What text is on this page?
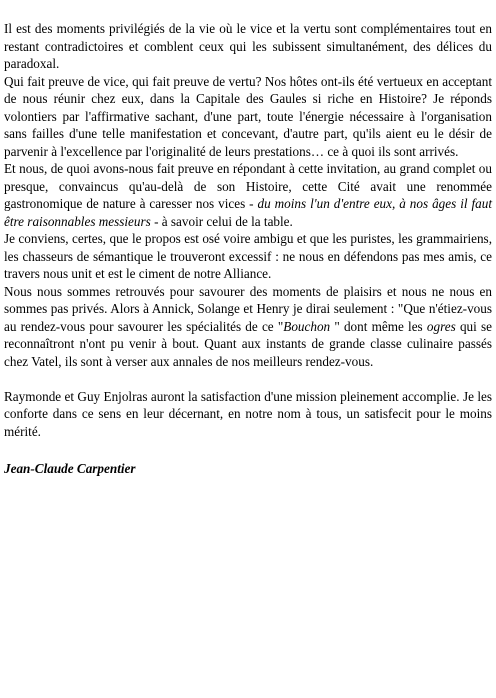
Il est des moments privilégiés de la vie où le vice et la vertu sont complémentaires tout en restant contradictoires et comblent ceux qui les subissent simultanément, des délices du paradoxal.

Qui fait preuve de vice, qui fait preuve de vertu? Nos hôtes ont-ils été vertueux en acceptant de nous réunir chez eux, dans la Capitale des Gaules si riche en Histoire? Je réponds volontiers par l'affirmative sachant, d'une part, toute l'énergie nécessaire à l'organisation sans failles d'une telle manifestation et concevant, d'autre part, qu'ils aient eu le désir de parvenir à l'excellence par l'originalité de leurs prestations… ce à quoi ils sont arrivés.

Et nous, de quoi avons-nous fait preuve en répondant à cette invitation, au grand complet ou presque, convaincus qu'au-delà de son Histoire, cette Cité avait une renommée gastronomique de nature à caresser nos vices - du moins l'un d'entre eux, à nos âges il faut être raisonnables messieurs - à savoir celui de la table.

Je conviens, certes, que le propos est osé voire ambigu et que les puristes, les grammairiens, les chasseurs de sémantique le trouveront excessif : ne nous en défendons pas mes amis, ce travers nous unit et est le ciment de notre Alliance.

Nous nous sommes retrouvés pour savourer des moments de plaisirs et nous ne nous en sommes pas privés. Alors à Annick, Solange et Henry je dirai seulement : "Que n'étiez-vous au rendez-vous pour savourer les spécialités de ce "Bouchon " dont même les ogres qui se reconnaîtront n'ont pu venir à bout. Quant aux instants de grande classe culinaire passés chez Vatel, ils sont à verser aux annales de nos meilleurs rendez-vous.

Raymonde et Guy Enjolras auront la satisfaction d'une mission pleinement accomplie. Je les conforte dans ce sens en leur décernant, en notre nom à tous, un satisfecit pour le moins mérité.

Jean-Claude Carpentier
